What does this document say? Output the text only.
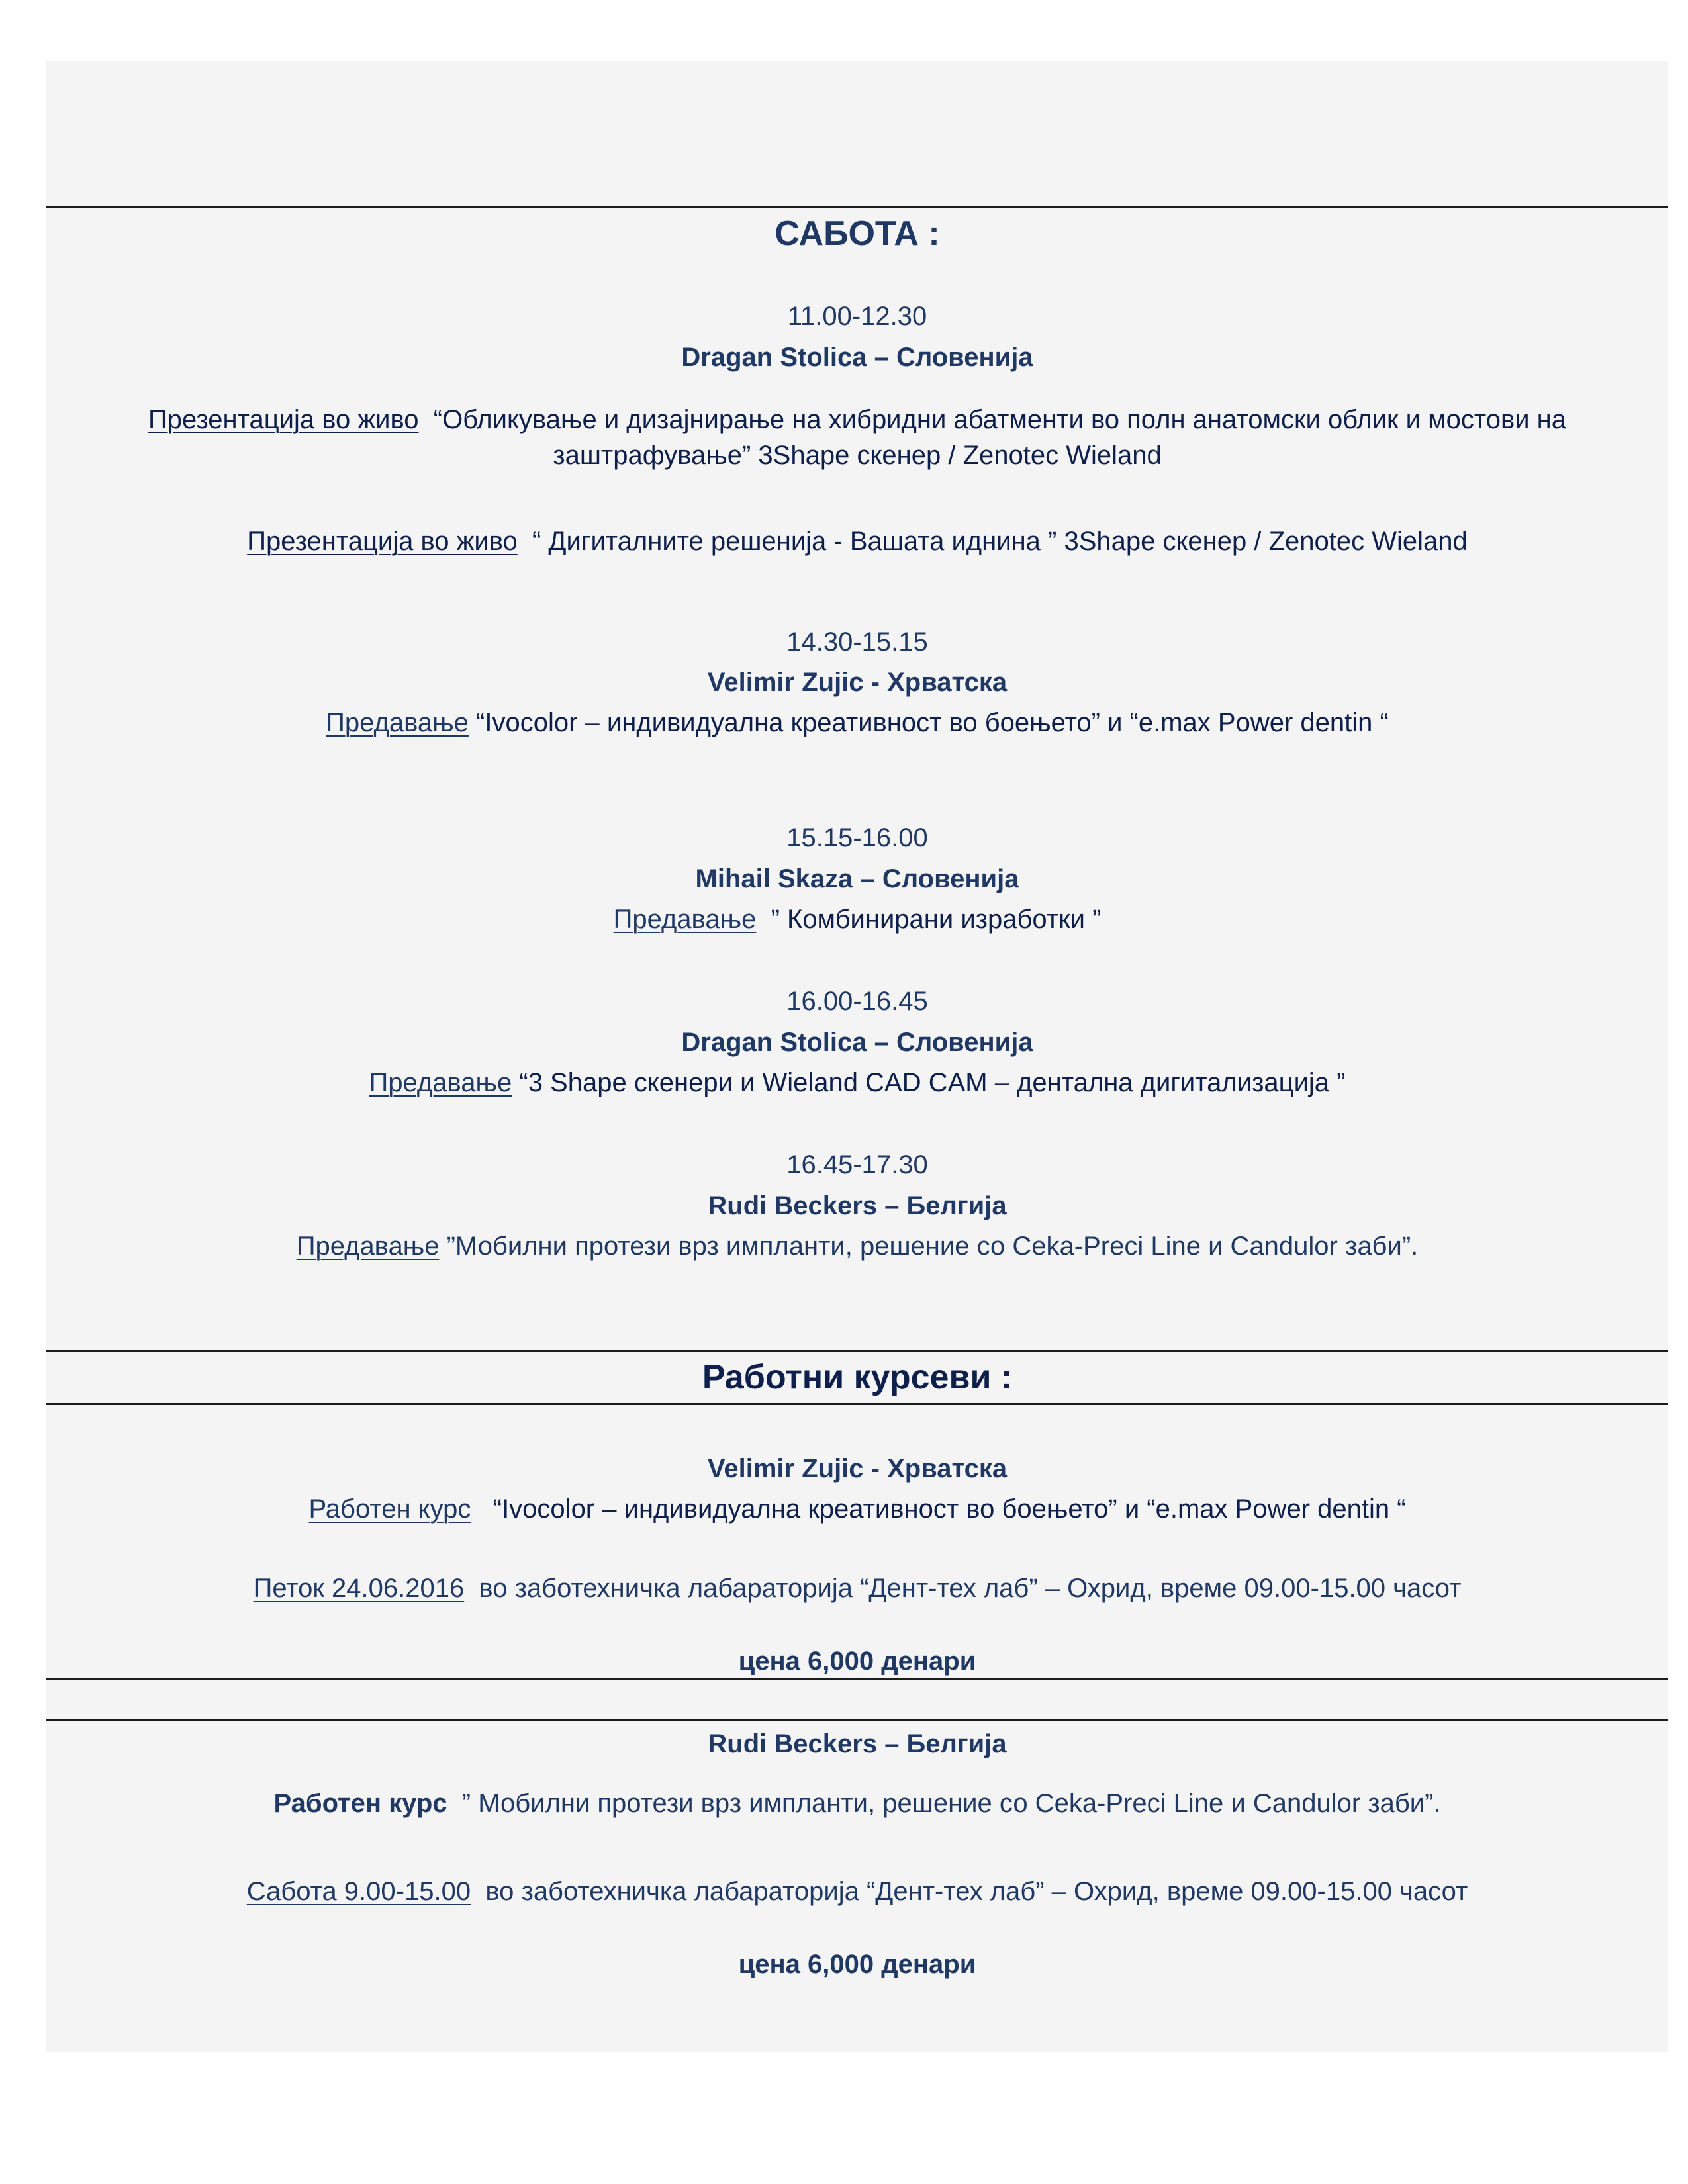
САБОТА :
11.00-12.30
Dragan Stolica – Словенија
Презентација во живо “Обликување и дизајнирање на хибридни абатменти во полн анатомски облик и мостови на
заштрафување” 3Shape скенер / Zenotec Wieland
Презентација во живо “ Дигиталните решенија - Вашата иднина ” 3Shape скенер / Zenotec Wieland
14.30-15.15
Velimir Zujic - Хрватска
Предавање “Ivocolor – индивидуална креативност во боењето” и “e.max Power dentin “
15.15-16.00
Mihail Skaza – Словенија
Предавање ” Комбинирани изработки ”
16.00-16.45
Dragan Stolica – Словенија
Предавање “3 Shape скенери и Wieland CAD CAM – дентална дигитализација ”
16.45-17.30
Rudi Beckers – Белгија
Предавање ”Мобилни протези врз импланти, решение со Ceka-Preci Line и Candulor заби”.
Работни курсеви :
Velimir Zujic - Хрватска
Работен курс “Ivocolor – индивидуална креативност во боењето” и “e.max Power dentin “
Петок 24.06.2016 во заботехничка лабараторија “Дент-тех лаб” – Охрид, време 09.00-15.00 часот
цена 6,000 денари
Rudi Beckers – Белгија
Работен курс ” Мобилни протези врз импланти, решение со Ceka-Preci Line и Candulor заби”.
Сабота 9.00-15.00 во заботехничка лабараторија “Дент-тех лаб” – Охрид, време 09.00-15.00 часот
цена 6,000 денари
